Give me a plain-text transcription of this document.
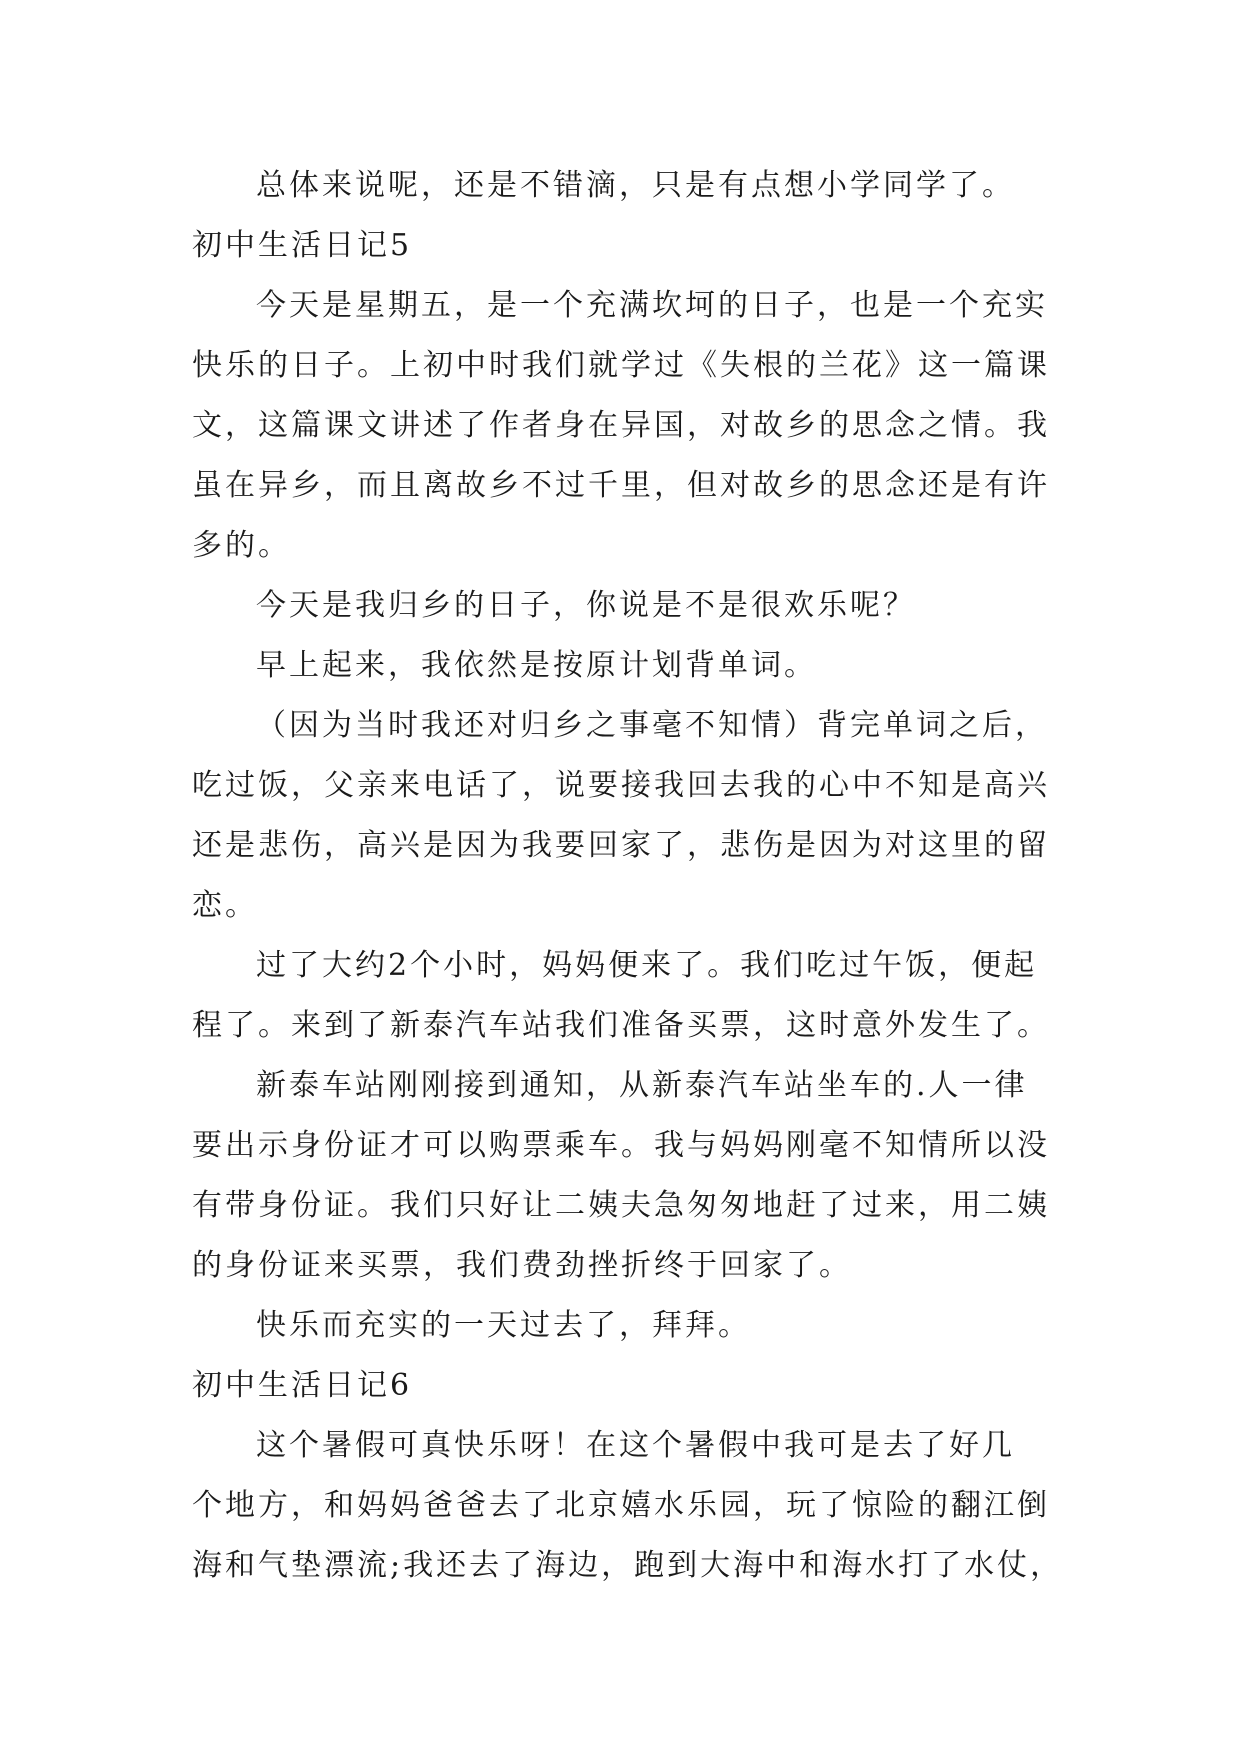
总体来说呢，还是不错滴，只是有点想小学同学了。
初中生活日记5
今天是星期五，是一个充满坎坷的日子，也是一个充实
快乐的日子。上初中时我们就学过《失根的兰花》这一篇课
文，这篇课文讲述了作者身在异国，对故乡的思念之情。我
虽在异乡，而且离故乡不过千里，但对故乡的思念还是有许
多的。
今天是我归乡的日子，你说是不是很欢乐呢？
早上起来，我依然是按原计划背单词。
（因为当时我还对归乡之事毫不知情）背完单词之后，
吃过饭，父亲来电话了，说要接我回去我的心中不知是高兴
还是悲伤，高兴是因为我要回家了，悲伤是因为对这里的留
恋。
过了大约2个小时，妈妈便来了。我们吃过午饭，便起
程了。来到了新泰汽车站我们准备买票，这时意外发生了。
新泰车站刚刚接到通知，从新泰汽车站坐车的.人一律
要出示身份证才可以购票乘车。我与妈妈刚毫不知情所以没
有带身份证。我们只好让二姨夫急匆匆地赶了过来，用二姨
的身份证来买票，我们费劲挫折终于回家了。
快乐而充实的一天过去了，拜拜。
初中生活日记6
这个暑假可真快乐呀！在这个暑假中我可是去了好几
个地方，和妈妈爸爸去了北京嬉水乐园，玩了惊险的翻江倒
海和气垫漂流;我还去了海边，跑到大海中和海水打了水仗，
